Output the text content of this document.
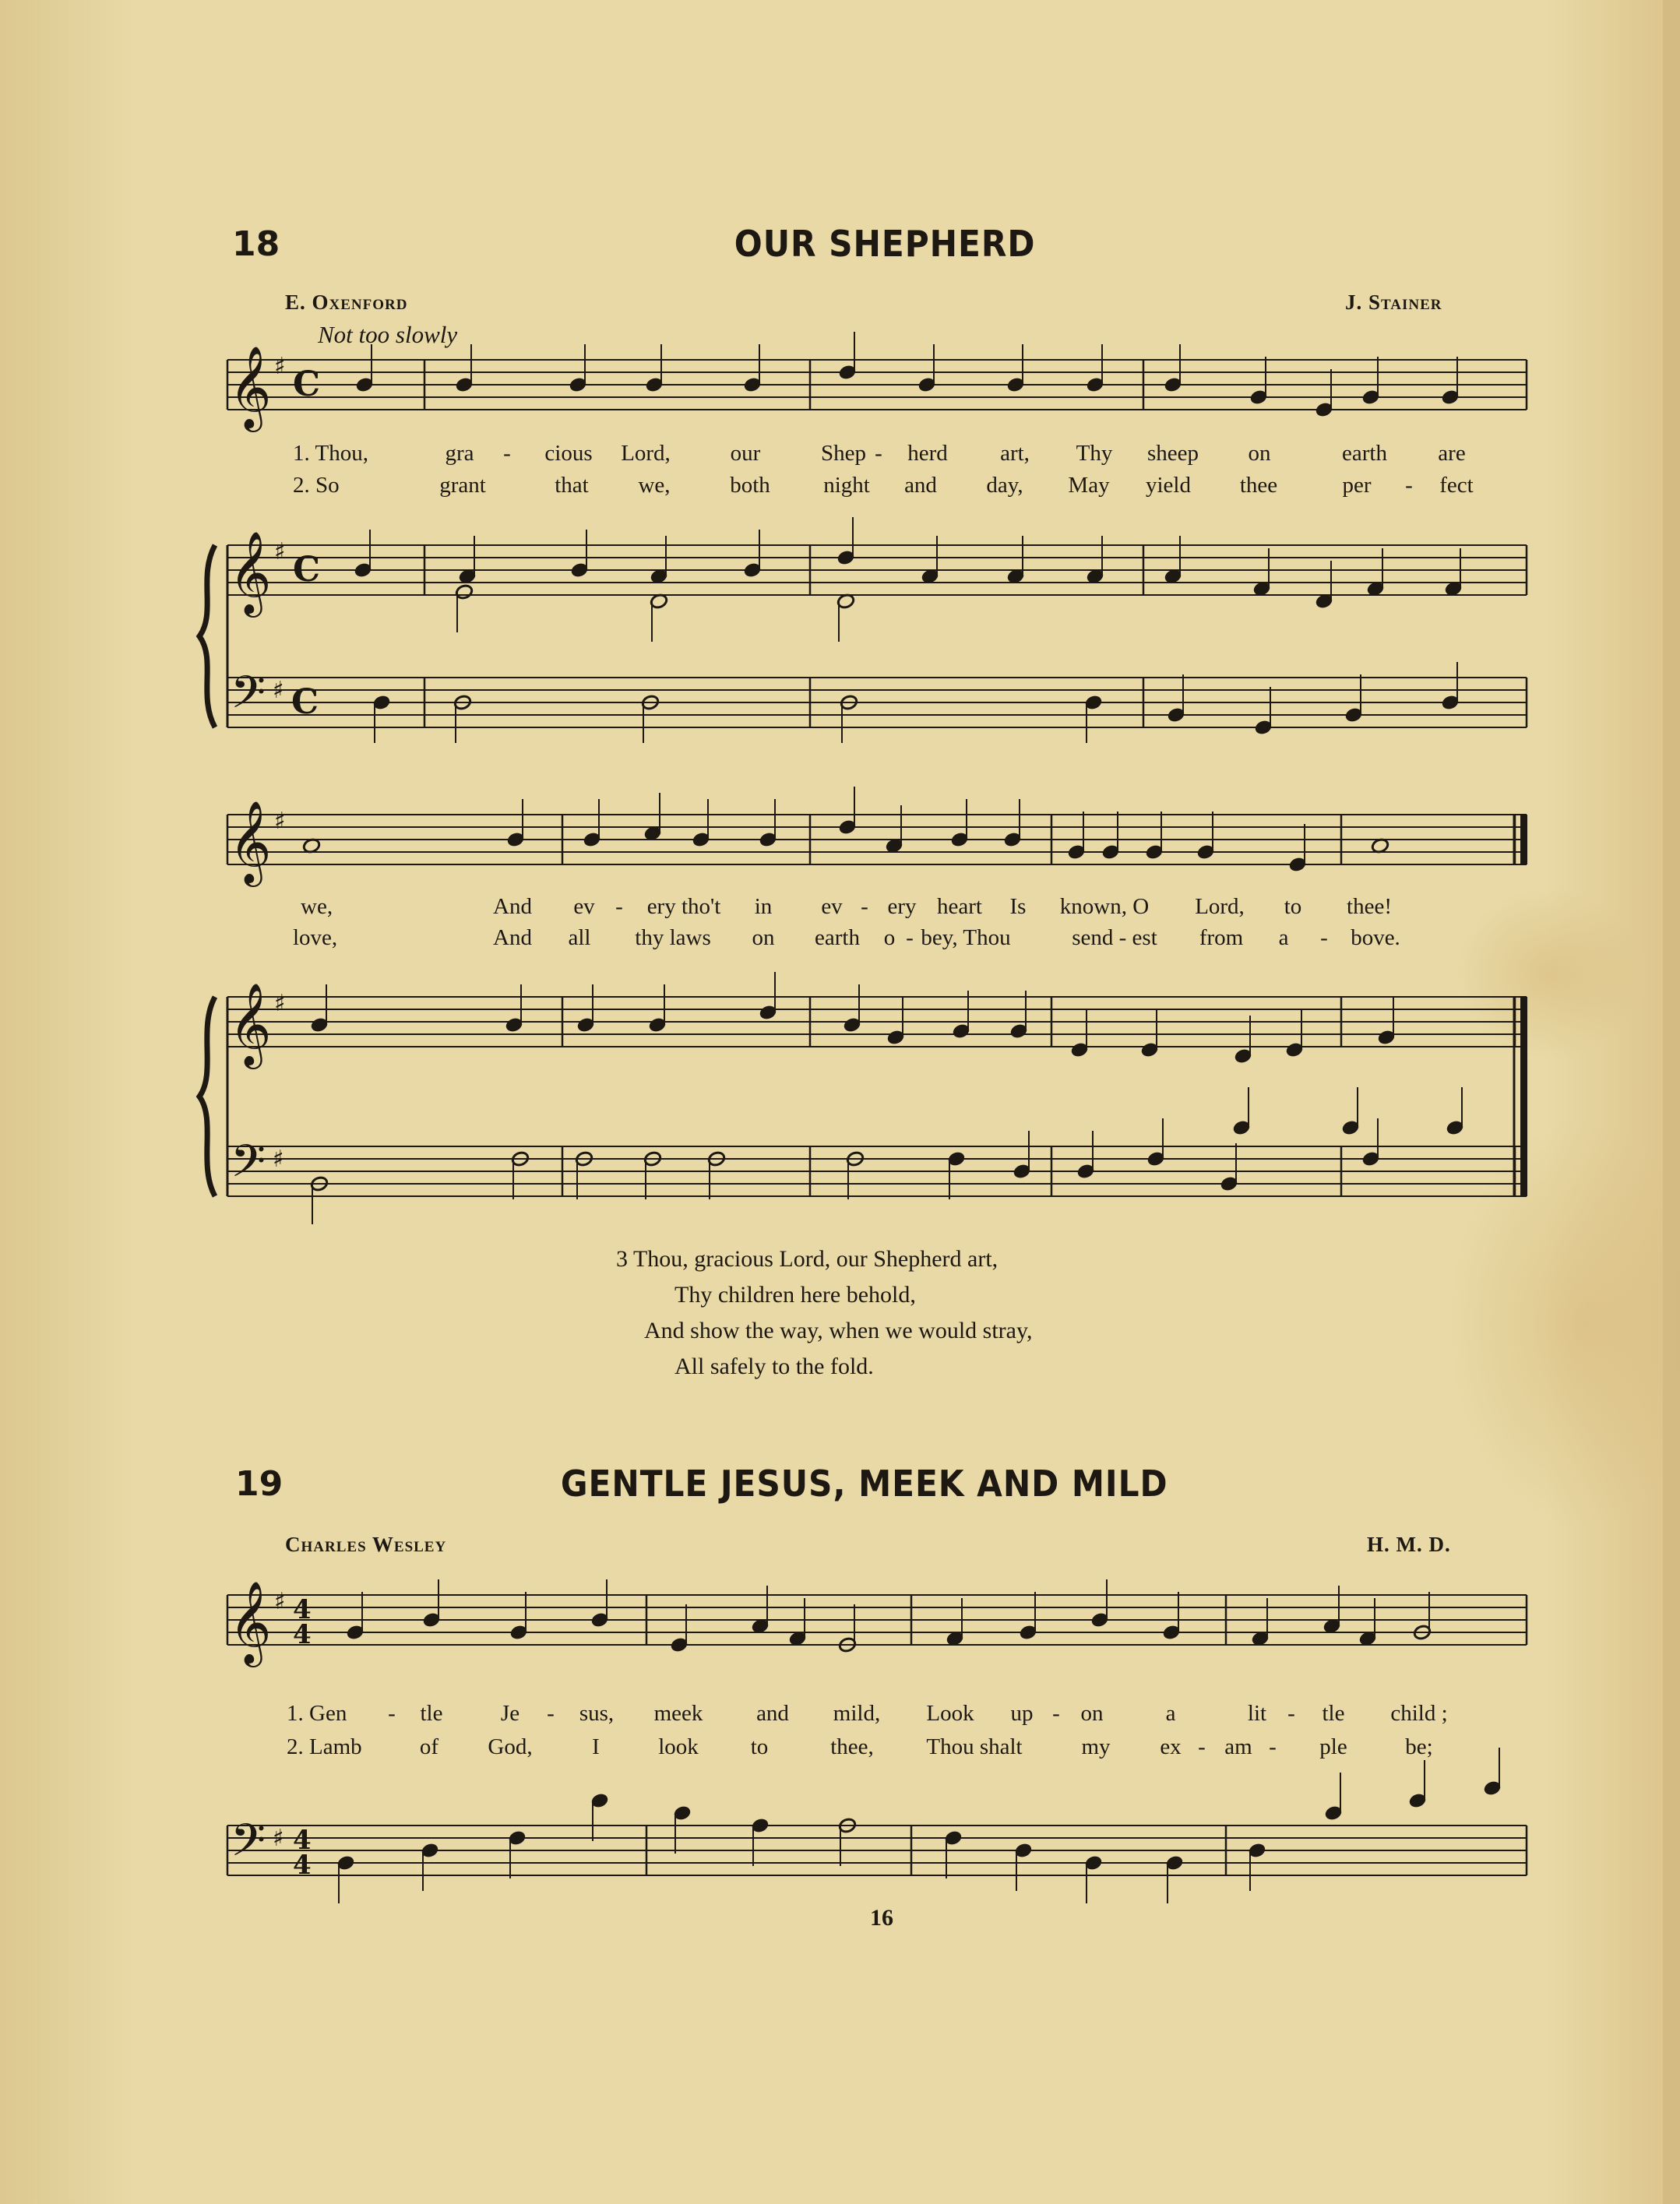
𝄞 ♯ C
𝄞 ♯ C
𝄢 ♯ C
𝄞 ♯
𝄞 ♯
𝄢 ♯
𝄞 ♯ 4
4
𝄢 ♯ 4
4
18	OUR SHEPHERD
E. Oxenford	J. Stainer
Not too slowly
1. Thou,	gra - cious Lord,	our	Shep - herd art, Thy sheep on	earth are
2. So	grant	that we,	both night and day, May yield thee	per - fect
we,	And ev - ery tho't in ev - ery heart Is known, O Lord, to thee!
love,	And all thy laws on earth o - bey, Thou	send - est from a - bove.
3 Thou, gracious Lord, our Shepherd art,
Thy children here behold,
And show the way, when we would stray,
All safely to the fold.
19	GENTLE JESUS, MEEK AND MILD
Charles Wesley	H. M. D.
1. Gen - tle	Je - sus, meek and mild, Look up - on	a	lit - tle child ;
2. Lamb	of God,	I	look to	thee, Thou shalt	my ex - am - ple	be;
16
